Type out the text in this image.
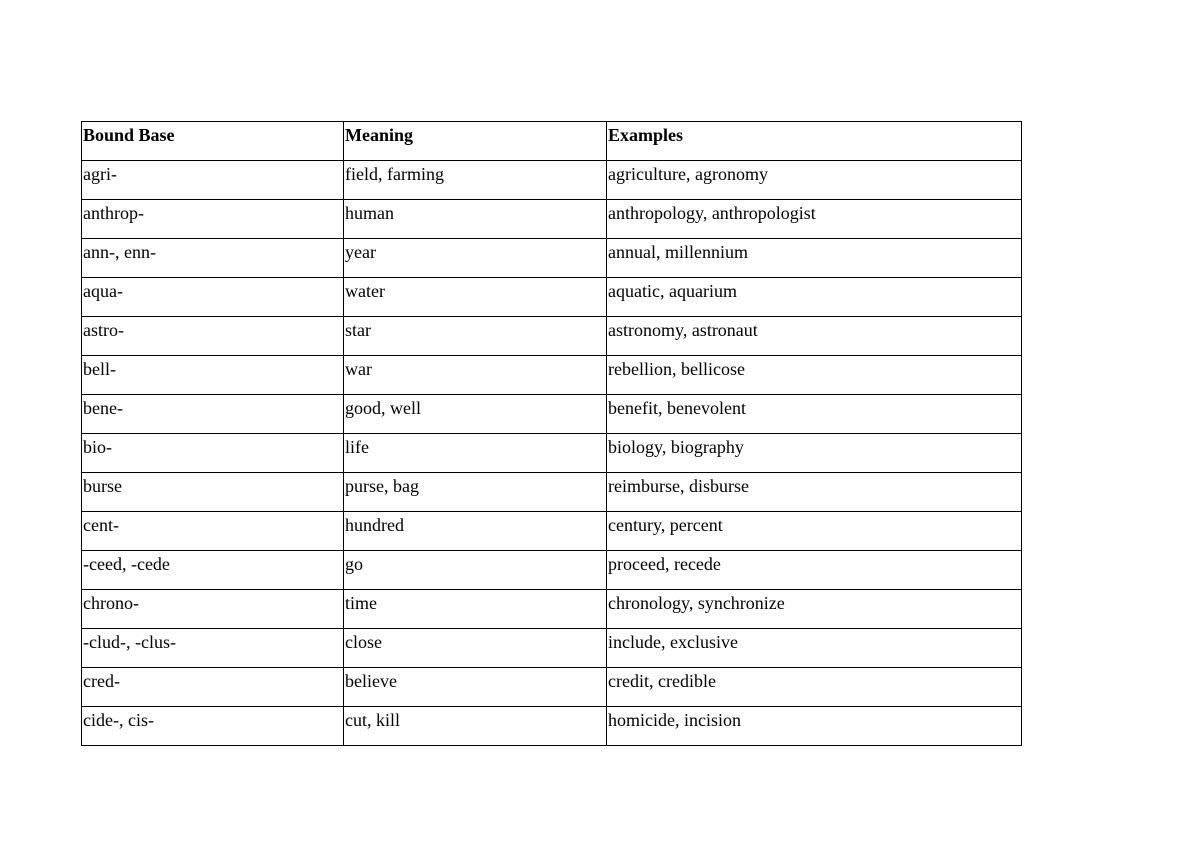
Bound Base	Meaning	Examples
agri-	field, farming	agriculture, agronomy
anthrop-	human	anthropology, anthropologist
ann-, enn-	year	annual, millennium
aqua-	water	aquatic, aquarium
astro-	star	astronomy, astronaut
bell-	war	rebellion, bellicose
bene-	good, well	benefit, benevolent
bio-	life	biology, biography
burse	purse, bag	reimburse, disburse
cent-	hundred	century, percent
-ceed, -cede	go	proceed, recede
chrono-	time	chronology, synchronize
-clud-, -clus-	close	include, exclusive
cred-	believe	credit, credible
cide-, cis-	cut, kill	homicide, incision
